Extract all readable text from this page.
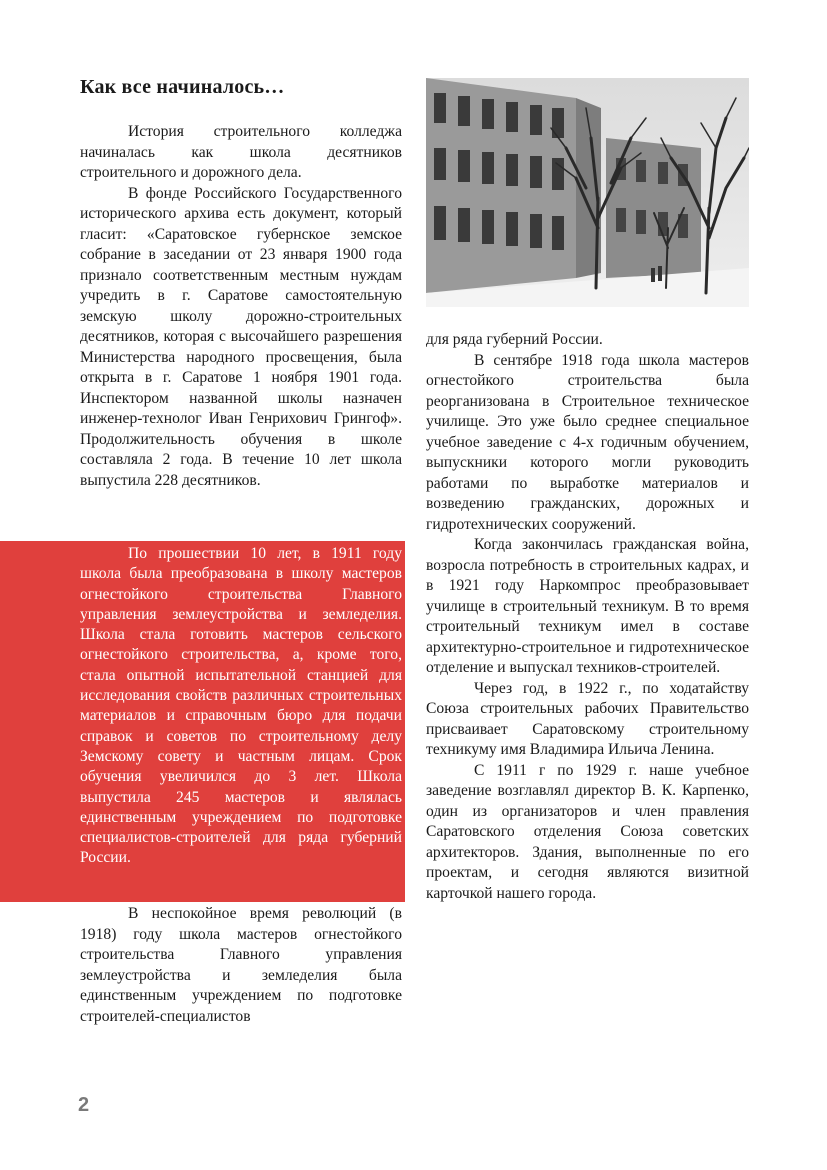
Как все начиналось…

История строительного колледжа начиналась как школа десятников строительного и дорожного дела.

В фонде Российского Государственного исторического архива есть документ, который гласит: «Саратовское губернское земское собрание в заседании от 23 января 1900 года признало соответственным местным нуждам учредить в г. Саратове самостоятельную земскую школу дорожно-строительных десятников, которая с высочайшего разрешения Министерства народного просвещения, была открыта в г. Саратове 1 ноября 1901 года. Инспектором названной школы назначен инженер-технолог Иван Генрихович Грингоф». Продолжительность обучения в школе составляла 2 года. В течение 10 лет школа выпустила 228 десятников.

По прошествии 10 лет, в 1911 году школа была преобразована в школу мастеров огнестойкого строительства Главного управления землеустройства и земледелия. Школа стала готовить мастеров сельского огнестойкого строительства, а, кроме того, стала опытной испытательной станцией для исследования свойств различных строительных материалов и справочным бюро для подачи справок и советов по строительному делу Земскому совету и частным лицам. Срок обучения увеличился до 3 лет. Школа выпустила 245 мастеров и являлась единственным учреждением по подготовке специалистов-строителей для ряда губерний России.

В неспокойное время революций (в 1918) году школа мастеров огнестойкого строительства Главного управления землеустройства и земледелия была единственным учреждением по подготовке строителей-специалистов

для ряда губерний России.

В сентябре 1918 года школа мастеров огнестойкого строительства была реорганизована в Строительное техническое училище. Это уже было среднее специальное учебное заведение с 4-х годичным обучением, выпускники которого могли руководить работами по выработке материалов и возведению гражданских, дорожных и гидротехнических сооружений.

Когда закончилась гражданская война, возросла потребность в строительных кадрах, и в 1921 году Наркомпрос преобразовывает училище в строительный техникум. В то время строительный техникум имел в составе архитектурно-строительное и гидротехническое отделение и выпускал техников-строителей.

Через год, в 1922 г., по ходатайству Союза строительных рабочих Правительство присваивает Саратовскому строительному техникуму имя Владимира Ильича Ленина.

С 1911 г по 1929 г. наше учебное заведение возглавлял директор В. К. Карпенко, один из организаторов и член правления Саратовского отделения Союза советских архитекторов. Здания, выполненные по его проектам, и сегодня являются визитной карточкой нашего города.

2
